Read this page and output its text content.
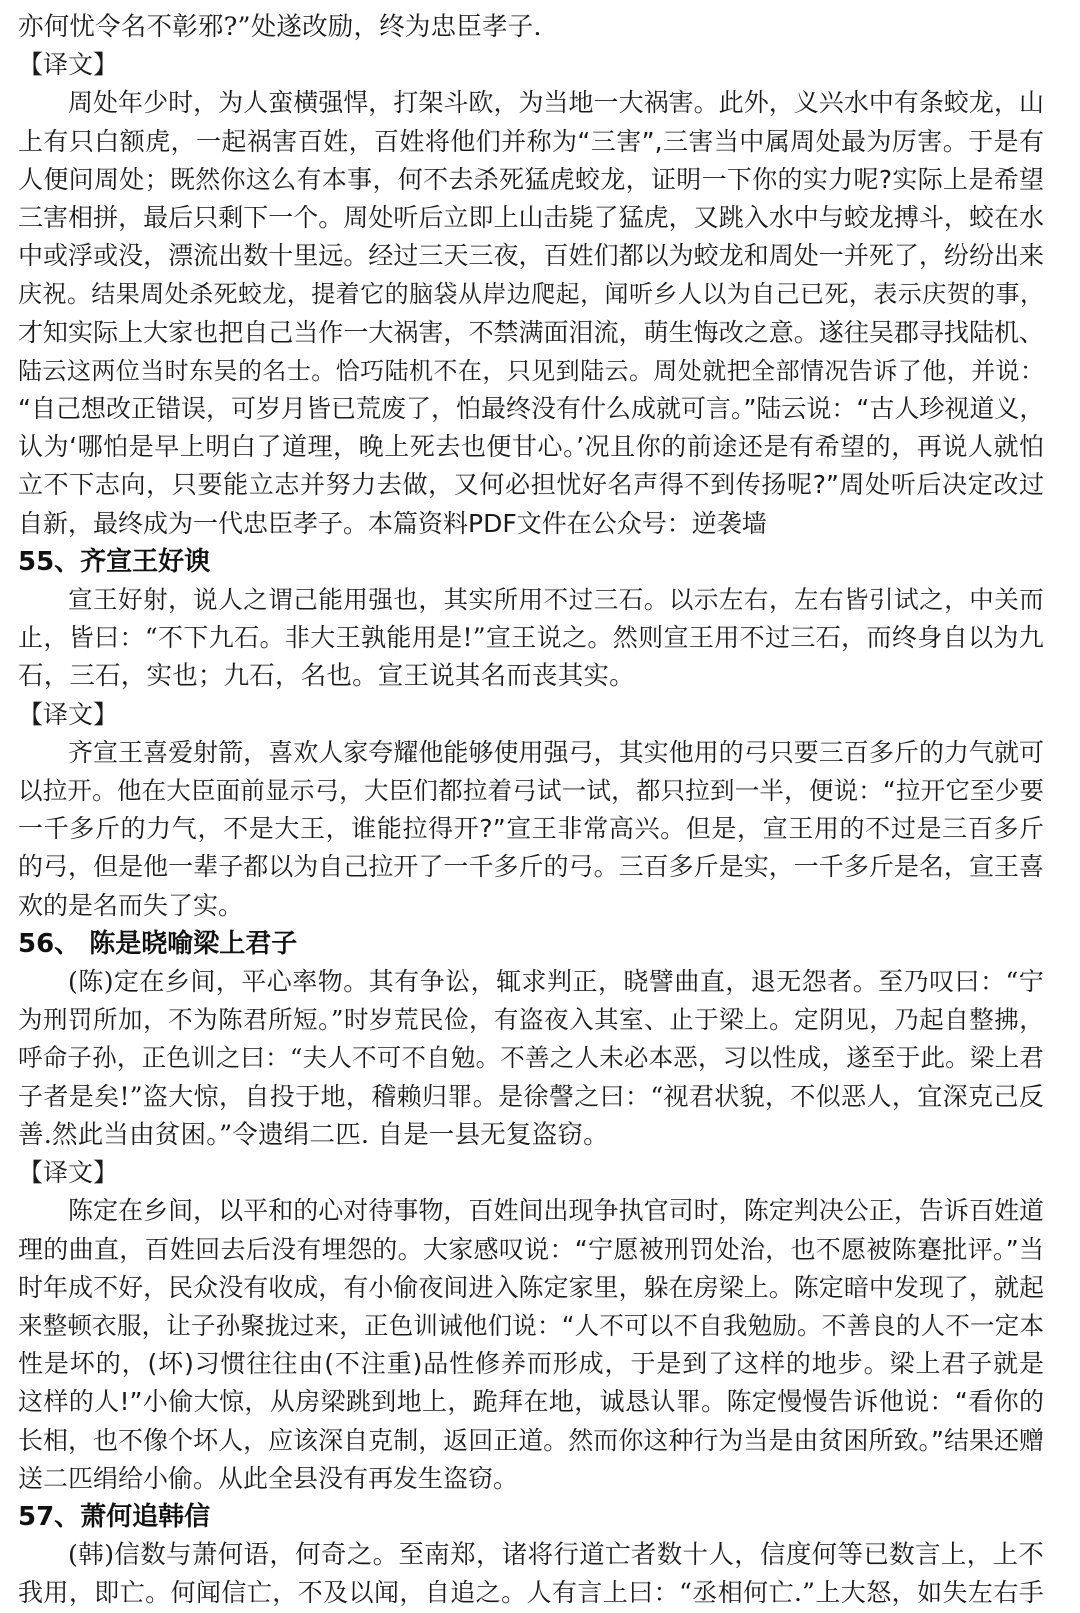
亦何忧令名不彰邪?”处遂改励，终为忠臣孝子.

【译文】

周处年少时，为人蛮横强悍，打架斗欧，为当地一大祸害。此外，义兴水中有条蛟龙，山

上有只白额虎，一起祸害百姓，百姓将他们并称为“三害”,三害当中属周处最为厉害。于是有

人便问周处；既然你这么有本事，何不去杀死猛虎蛟龙，证明一下你的实力呢?实际上是希望

三害相拼，最后只剩下一个。周处听后立即上山击毙了猛虎，又跳入水中与蛟龙搏斗，蛟在水

中或浮或没，漂流出数十里远。经过三天三夜，百姓们都以为蛟龙和周处一并死了，纷纷出来

庆祝。结果周处杀死蛟龙，提着它的脑袋从岸边爬起，闻听乡人以为自己已死，表示庆贺的事，

才知实际上大家也把自己当作一大祸害，不禁满面泪流，萌生悔改之意。遂往吴郡寻找陆机、

陆云这两位当时东吴的名士。恰巧陆机不在，只见到陆云。周处就把全部情况告诉了他，并说：

“自己想改正错误，可岁月皆已荒废了，怕最终没有什么成就可言。”陆云说：“古人珍视道义，

认为‘哪怕是早上明白了道理，晚上死去也便甘心。’况且你的前途还是有希望的，再说人就怕

立不下志向，只要能立志并努力去做，又何必担忧好名声得不到传扬呢?”周处听后决定改过

自新，最终成为一代忠臣孝子。本篇资料PDF文件在公众号：逆袭墙

55、齐宣王好谀

宣王好射，说人之谓己能用强也，其实所用不过三石。以示左右，左右皆引试之，中关而

止，皆曰：“不下九石。非大王孰能用是!”宣王说之。然则宣王用不过三石，而终身自以为九

石，三石，实也；九石，名也。宣王说其名而丧其实。

【译文】

齐宣王喜爱射箭，喜欢人家夸耀他能够使用强弓，其实他用的弓只要三百多斤的力气就可

以拉开。他在大臣面前显示弓，大臣们都拉着弓试一试，都只拉到一半，便说：“拉开它至少要

一千多斤的力气，不是大王，谁能拉得开?”宣王非常高兴。但是，宣王用的不过是三百多斤

的弓，但是他一辈子都以为自己拉开了一千多斤的弓。三百多斤是实，一千多斤是名，宣王喜

欢的是名而失了实。

56、 陈是晓喻梁上君子

(陈)定在乡间，平心率物。其有争讼，辄求判正，晓譬曲直，退无怨者。至乃叹曰：“宁

为刑罚所加，不为陈君所短。”时岁荒民俭，有盗夜入其室、止于梁上。定阴见，乃起自整拂，

呼命子孙，正色训之曰：“夫人不可不自勉。不善之人未必本恶，习以性成，遂至于此。梁上君

子者是矣!”盗大惊，自投于地，稽赖归罪。是徐謦之曰：“视君状貌，不似恶人，宜深克己反

善.然此当由贫困。”令遗绢二匹. 自是一县无复盗窃。

【译文】

陈定在乡间，以平和的心对待事物，百姓间出现争执官司时，陈定判决公正，告诉百姓道

理的曲直，百姓回去后没有埋怨的。大家感叹说：“宁愿被刑罚处治，也不愿被陈蹇批评。”当

时年成不好，民众没有收成，有小偷夜间进入陈定家里，躲在房梁上。陈定暗中发现了，就起

来整顿衣服，让子孙聚拢过来，正色训诫他们说：“人不可以不自我勉励。不善良的人不一定本

性是坏的，(坏)习惯往往由(不注重)品性修养而形成，于是到了这样的地步。梁上君子就是

这样的人!”小偷大惊，从房梁跳到地上，跪拜在地，诚恳认罪。陈定慢慢告诉他说：“看你的

长相，也不像个坏人，应该深自克制，返回正道。然而你这种行为当是由贫困所致。”结果还赠

送二匹绢给小偷。从此全县没有再发生盗窃。

57、萧何追韩信

(韩)信数与萧何语，何奇之。至南郑，诸将行道亡者数十人，信度何等已数言上，上不

我用，即亡。何闻信亡，不及以闻，自追之。人有言上曰：“丞相何亡.”上大怒，如失左右手
